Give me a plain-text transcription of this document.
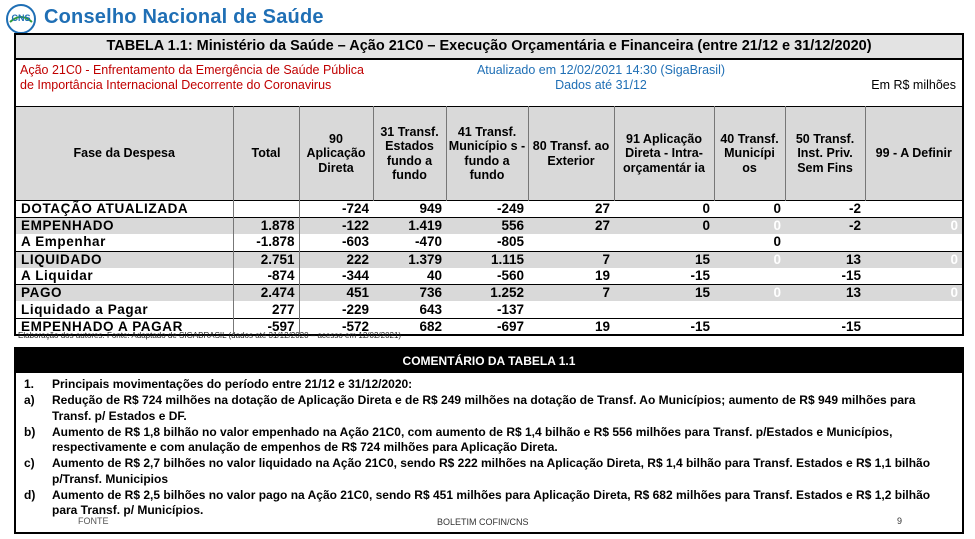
CNS Conselho Nacional de Saúde
TABELA 1.1: Ministério da Saúde – Ação 21C0 – Execução Orçamentária e Financeira (entre 21/12 e 31/12/2020)
Ação 21C0 - Enfrentamento da Emergência de Saúde Pública de Importância Internacional Decorrente do Coronavirus
Atualizado em 12/02/2021 14:30 (SigaBrasil)
Dados até 31/12	Em R$ milhões
Fase da Despesa	Total	90 Aplicação Direta	31 Transf. Estados fundo a fundo	41 Transf. Município s - fundo a fundo	80 Transf. ao Exterior	91 Aplicação Direta - Intra- orçamentár ia	40 Transf. Municípi os	50 Transf. Inst. Priv. Sem Fins	99 - A Definir
DOTAÇÃO ATUALIZADA		-724	949	-249	27	0	0	-2	
EMPENHADO	1.878	-122	1.419	556	27	0	0	-2	0
A Empenhar	-1.878	-603	-470	-805			0		
LIQUIDADO	2.751	222	1.379	1.115	7	15	0	13	0
A Liquidar	-874	-344	40	-560	19	-15		-15	
PAGO	2.474	451	736	1.252	7	15	0	13	0
Liquidado a Pagar	277	-229	643	-137					
EMPENHADO A PAGAR	-597	-572	682	-697	19	-15		-15	
Elaboração dos autores. Fonte: Adaptado de SIGABRASIL (dados até 31/12/2020 – acesso em 12/02/2021)
COMENTÁRIO DA TABELA 1.1
1.	Principais movimentações do período entre 21/12 e 31/12/2020:
a)	Redução de R$ 724 milhões na dotação de Aplicação Direta e de R$ 249 milhões na dotação de Transf. Ao Municípios; aumento de R$ 949 milhões para Transf. p/ Estados e DF.
b)	Aumento de R$ 1,8 bilhão no valor empenhado na Ação 21C0, com aumento de R$ 1,4 bilhão e R$ 556 milhões para Transf. p/Estados e Municípios, respectivamente e com anulação de empenhos de R$ 724 milhões para Aplicação Direta.
c)	Aumento de R$ 2,7 bilhões no valor liquidado na Ação 21C0, sendo R$ 222 milhões na Aplicação Direta, R$ 1,4 bilhão para Transf. Estados e R$ 1,1 bilhão p/Transf. Municipios
d)	Aumento de R$ 2,5 bilhões no valor pago na Ação 21C0, sendo R$ 451 milhões para Aplicação Direta, R$ 682 milhões para Transf. Estados e R$ 1,2 bilhão para Transf. p/ Municípios.
FONTE	BOLETIM COFIN/CNS	9
